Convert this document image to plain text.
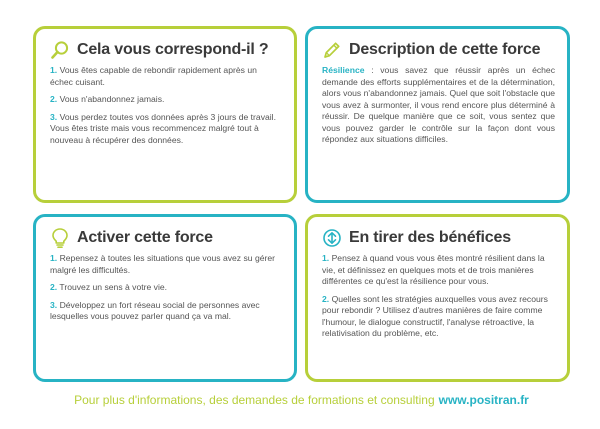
Cela vous correspond-il ?

1. Vous êtes capable de rebondir rapidement après un échec cuisant.

2. Vous n'abandonnez jamais.

3. Vous perdez toutes vos données après 3 jours de travail. Vous êtes triste mais vous recommencez malgré tout à nouveau à récupérer des données.

Description de cette force

Résilience : vous savez que réussir après un échec demande des efforts supplémentaires et de la détermination, alors vous n'abandonnez jamais. Quel que soit l'obstacle que vous avez à surmonter, il vous rend encore plus déterminé à réussir. De quelque manière que ce soit, vous sentez que vous pouvez garder le contrôle sur la façon dont vous répondez aux situations difficiles.

Activer cette force

1. Repensez à toutes les situations que vous avez su gérer malgré les difficultés.

2. Trouvez un sens à votre vie.

3. Développez un fort réseau social de personnes avec lesquelles vous pouvez parler quand ça va mal.

En tirer des bénéfices

1. Pensez à quand vous vous êtes montré résilient dans la vie, et définissez en quelques mots et de trois manières différentes ce qu'est la résilience pour vous.

2. Quelles sont les stratégies auxquelles vous avez recours pour rebondir ? Utilisez d'autres manières de faire comme l'humour, le dialogue constructif, l'analyse rétroactive, la relativisation du problème, etc.

Pour plus d'informations, des demandes de formations et consulting www.positran.fr
